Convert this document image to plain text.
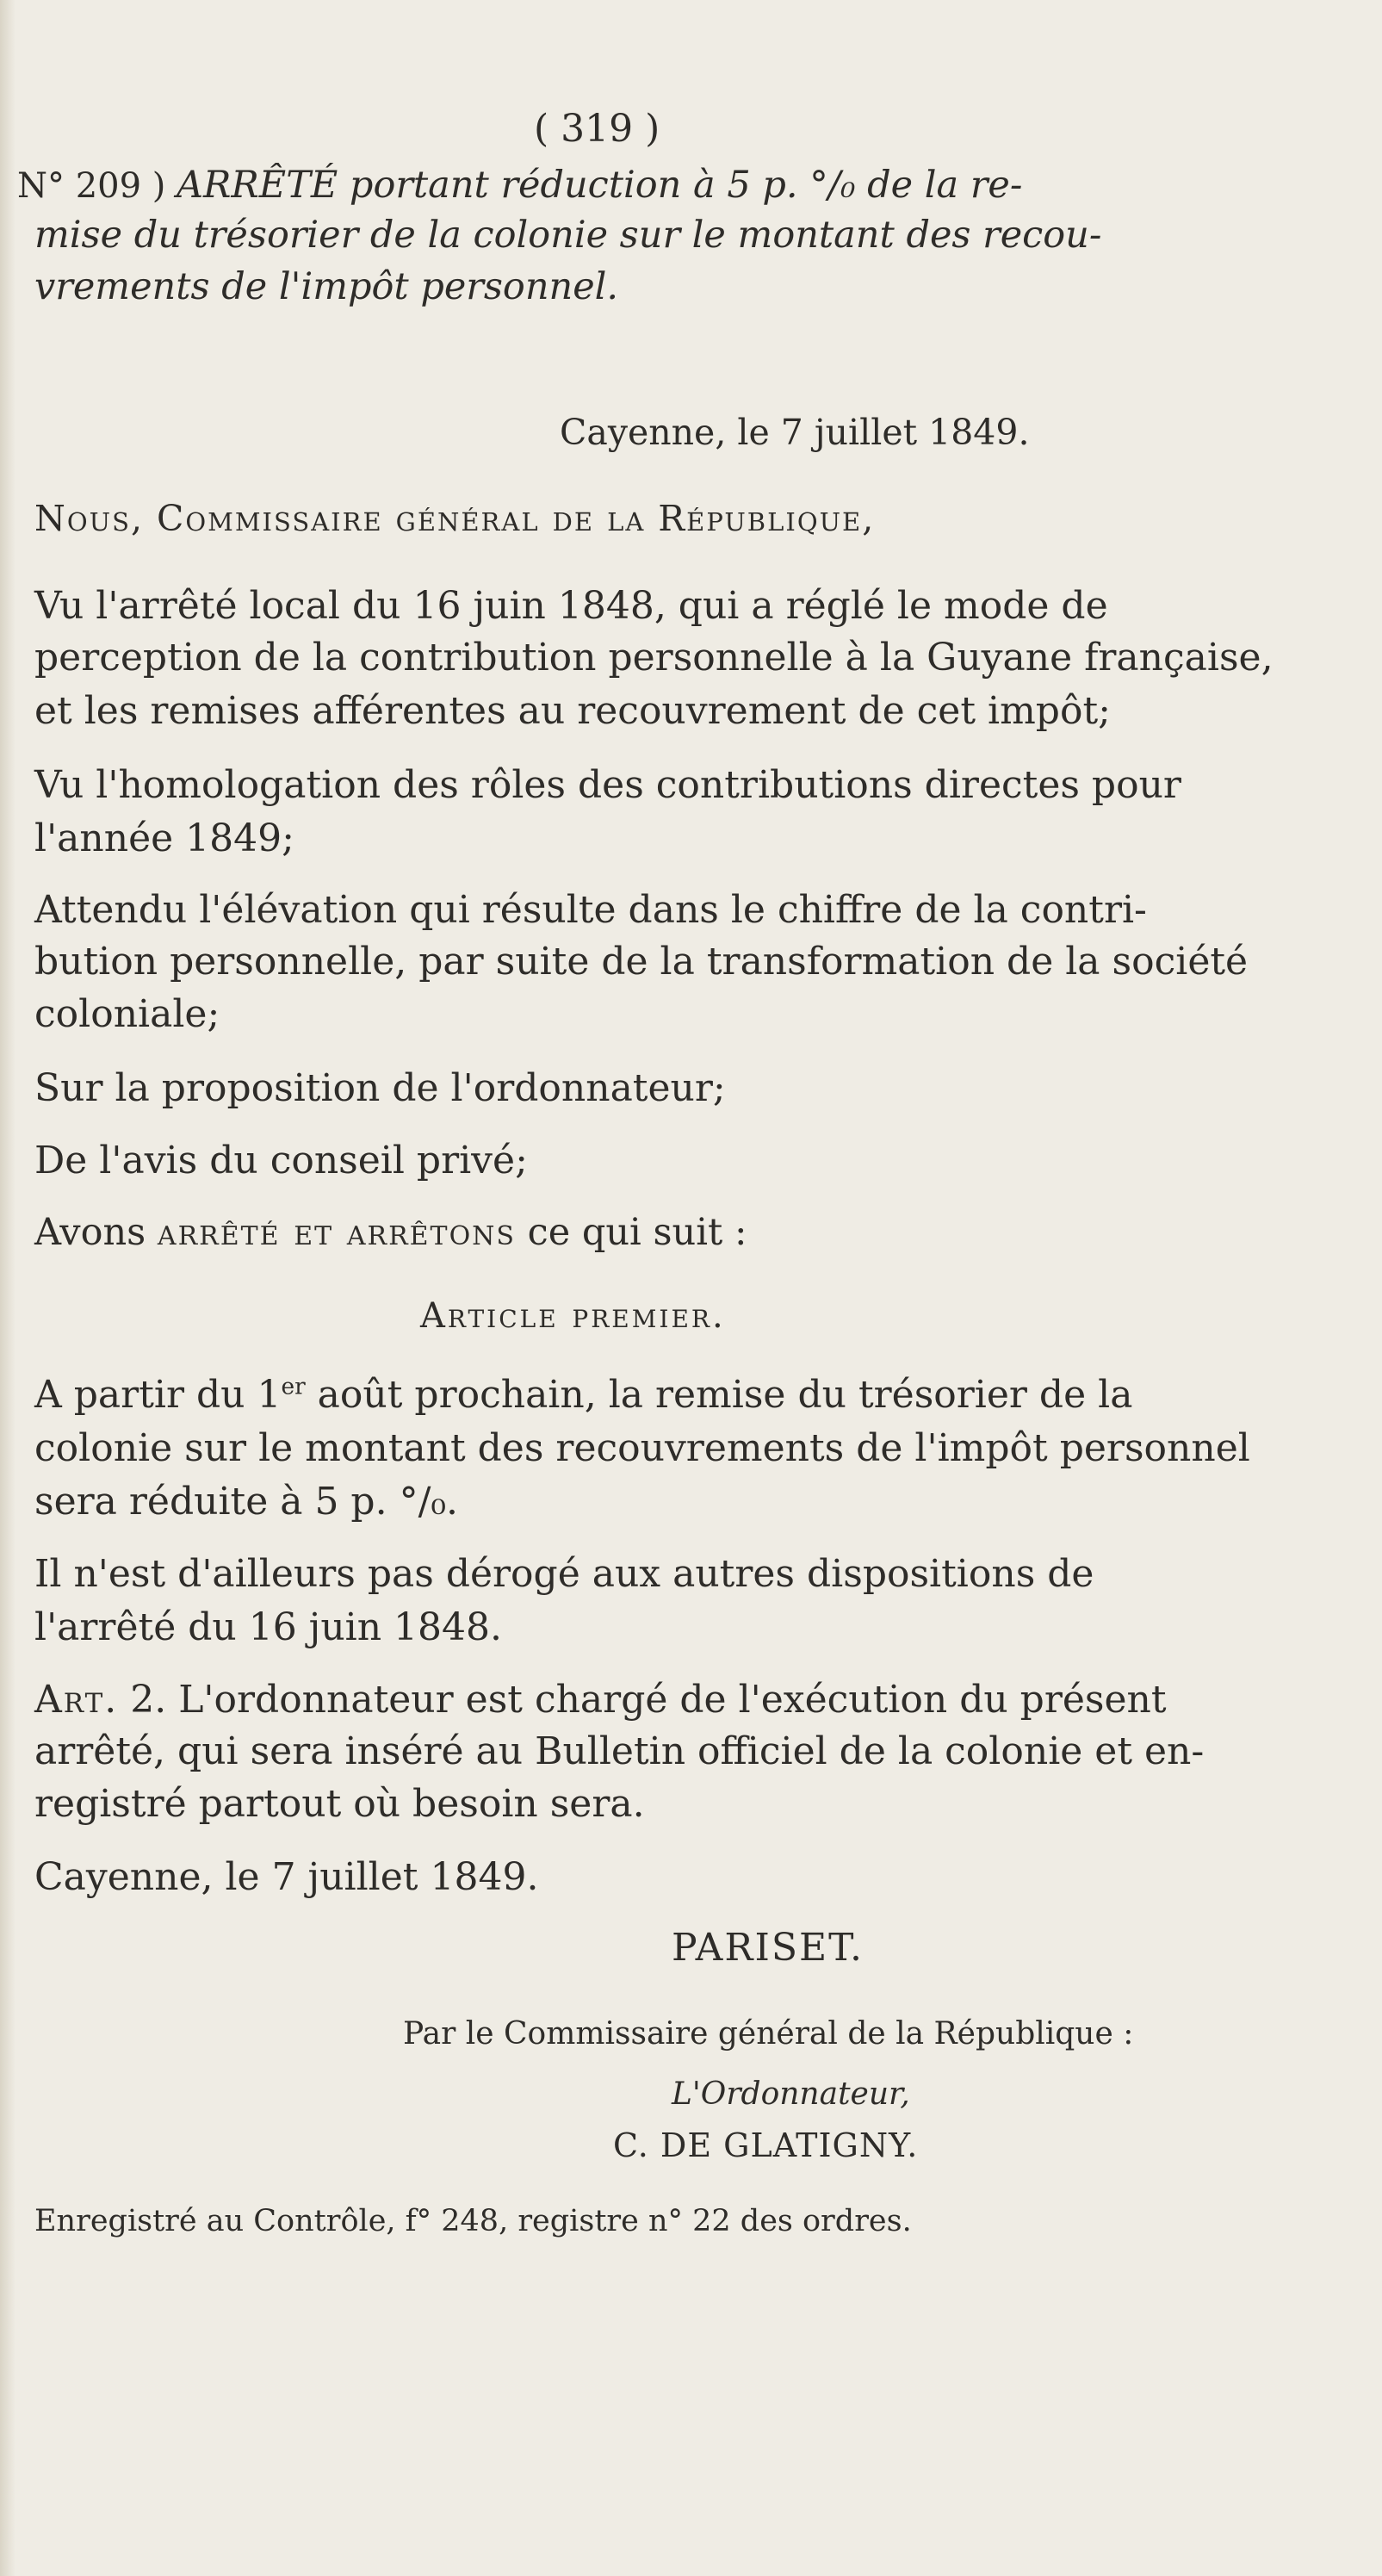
( 319 )
N° 209 ) ARRÊTÉ portant réduction à 5 p. °/₀ de la re-
mise du trésorier de la colonie sur le montant des recou-
vrements de l'impôt personnel.
Cayenne, le 7 juillet 1849.
Nous, Commissaire général de la République,
Vu l'arrêté local du 16 juin 1848, qui a réglé le mode de
perception de la contribution personnelle à la Guyane française,
et les remises afférentes au recouvrement de cet impôt;
Vu l'homologation des rôles des contributions directes pour
l'année 1849;
Attendu l'élévation qui résulte dans le chiffre de la contri-
bution personnelle, par suite de la transformation de la société
coloniale;
Sur la proposition de l'ordonnateur;
De l'avis du conseil privé;
Avons arrêté et arrêtons ce qui suit :
Article premier.
A partir du 1er août prochain, la remise du trésorier de la
colonie sur le montant des recouvrements de l'impôt personnel
sera réduite à 5 p. °/₀.
Il n'est d'ailleurs pas dérogé aux autres dispositions de
l'arrêté du 16 juin 1848.
Art. 2. L'ordonnateur est chargé de l'exécution du présent
arrêté, qui sera inséré au Bulletin officiel de la colonie et en-
registré partout où besoin sera.
Cayenne, le 7 juillet 1849.
PARISET.
Par le Commissaire général de la République :
L'Ordonnateur,
C. DE GLATIGNY.
Enregistré au Contrôle, f° 248, registre n° 22 des ordres.
